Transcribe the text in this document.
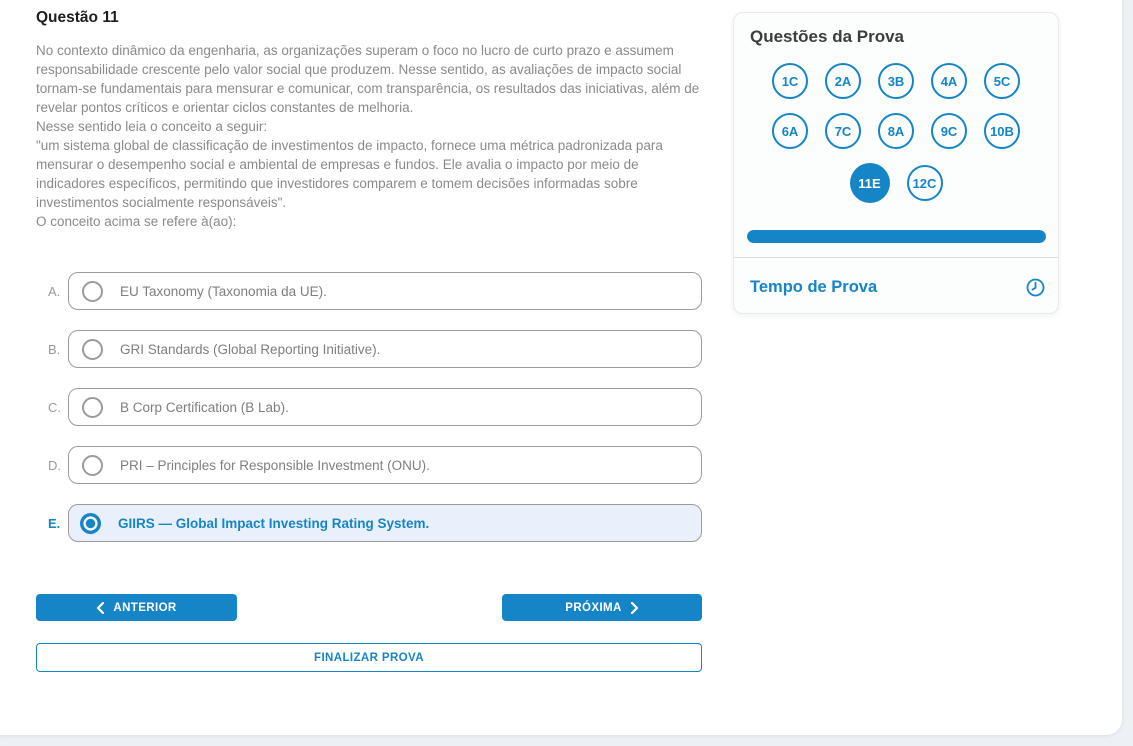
Questão 11

No contexto dinâmico da engenharia, as organizações superam o foco no lucro de curto prazo e assumem responsabilidade crescente pelo valor social que produzem. Nesse sentido, as avaliações de impacto social tornam-se fundamentais para mensurar e comunicar, com transparência, os resultados das iniciativas, além de revelar pontos críticos e orientar ciclos constantes de melhoria.

Nesse sentido leia o conceito a seguir:

"um sistema global de classificação de investimentos de impacto, fornece uma métrica padronizada para mensurar o desempenho social e ambiental de empresas e fundos. Ele avalia o impacto por meio de indicadores específicos, permitindo que investidores comparem e tomem decisões informadas sobre investimentos socialmente responsáveis".

O conceito acima se refere à(ao):

A.	EU Taxonomy (Taxonomia da UE).
B.	GRI Standards (Global Reporting Initiative).
C.	B Corp Certification (B Lab).
D.	PRI – Principles for Responsible Investment (ONU).
E.	GIIRS — Global Impact Investing Rating System.
ANTERIOR	PRÓXIMA
FINALIZAR PROVA
Questões da Prova
1C	2A	3B	4A	5C
6A	7C	8A	9C	10B
11E	12C
Tempo de Prova
